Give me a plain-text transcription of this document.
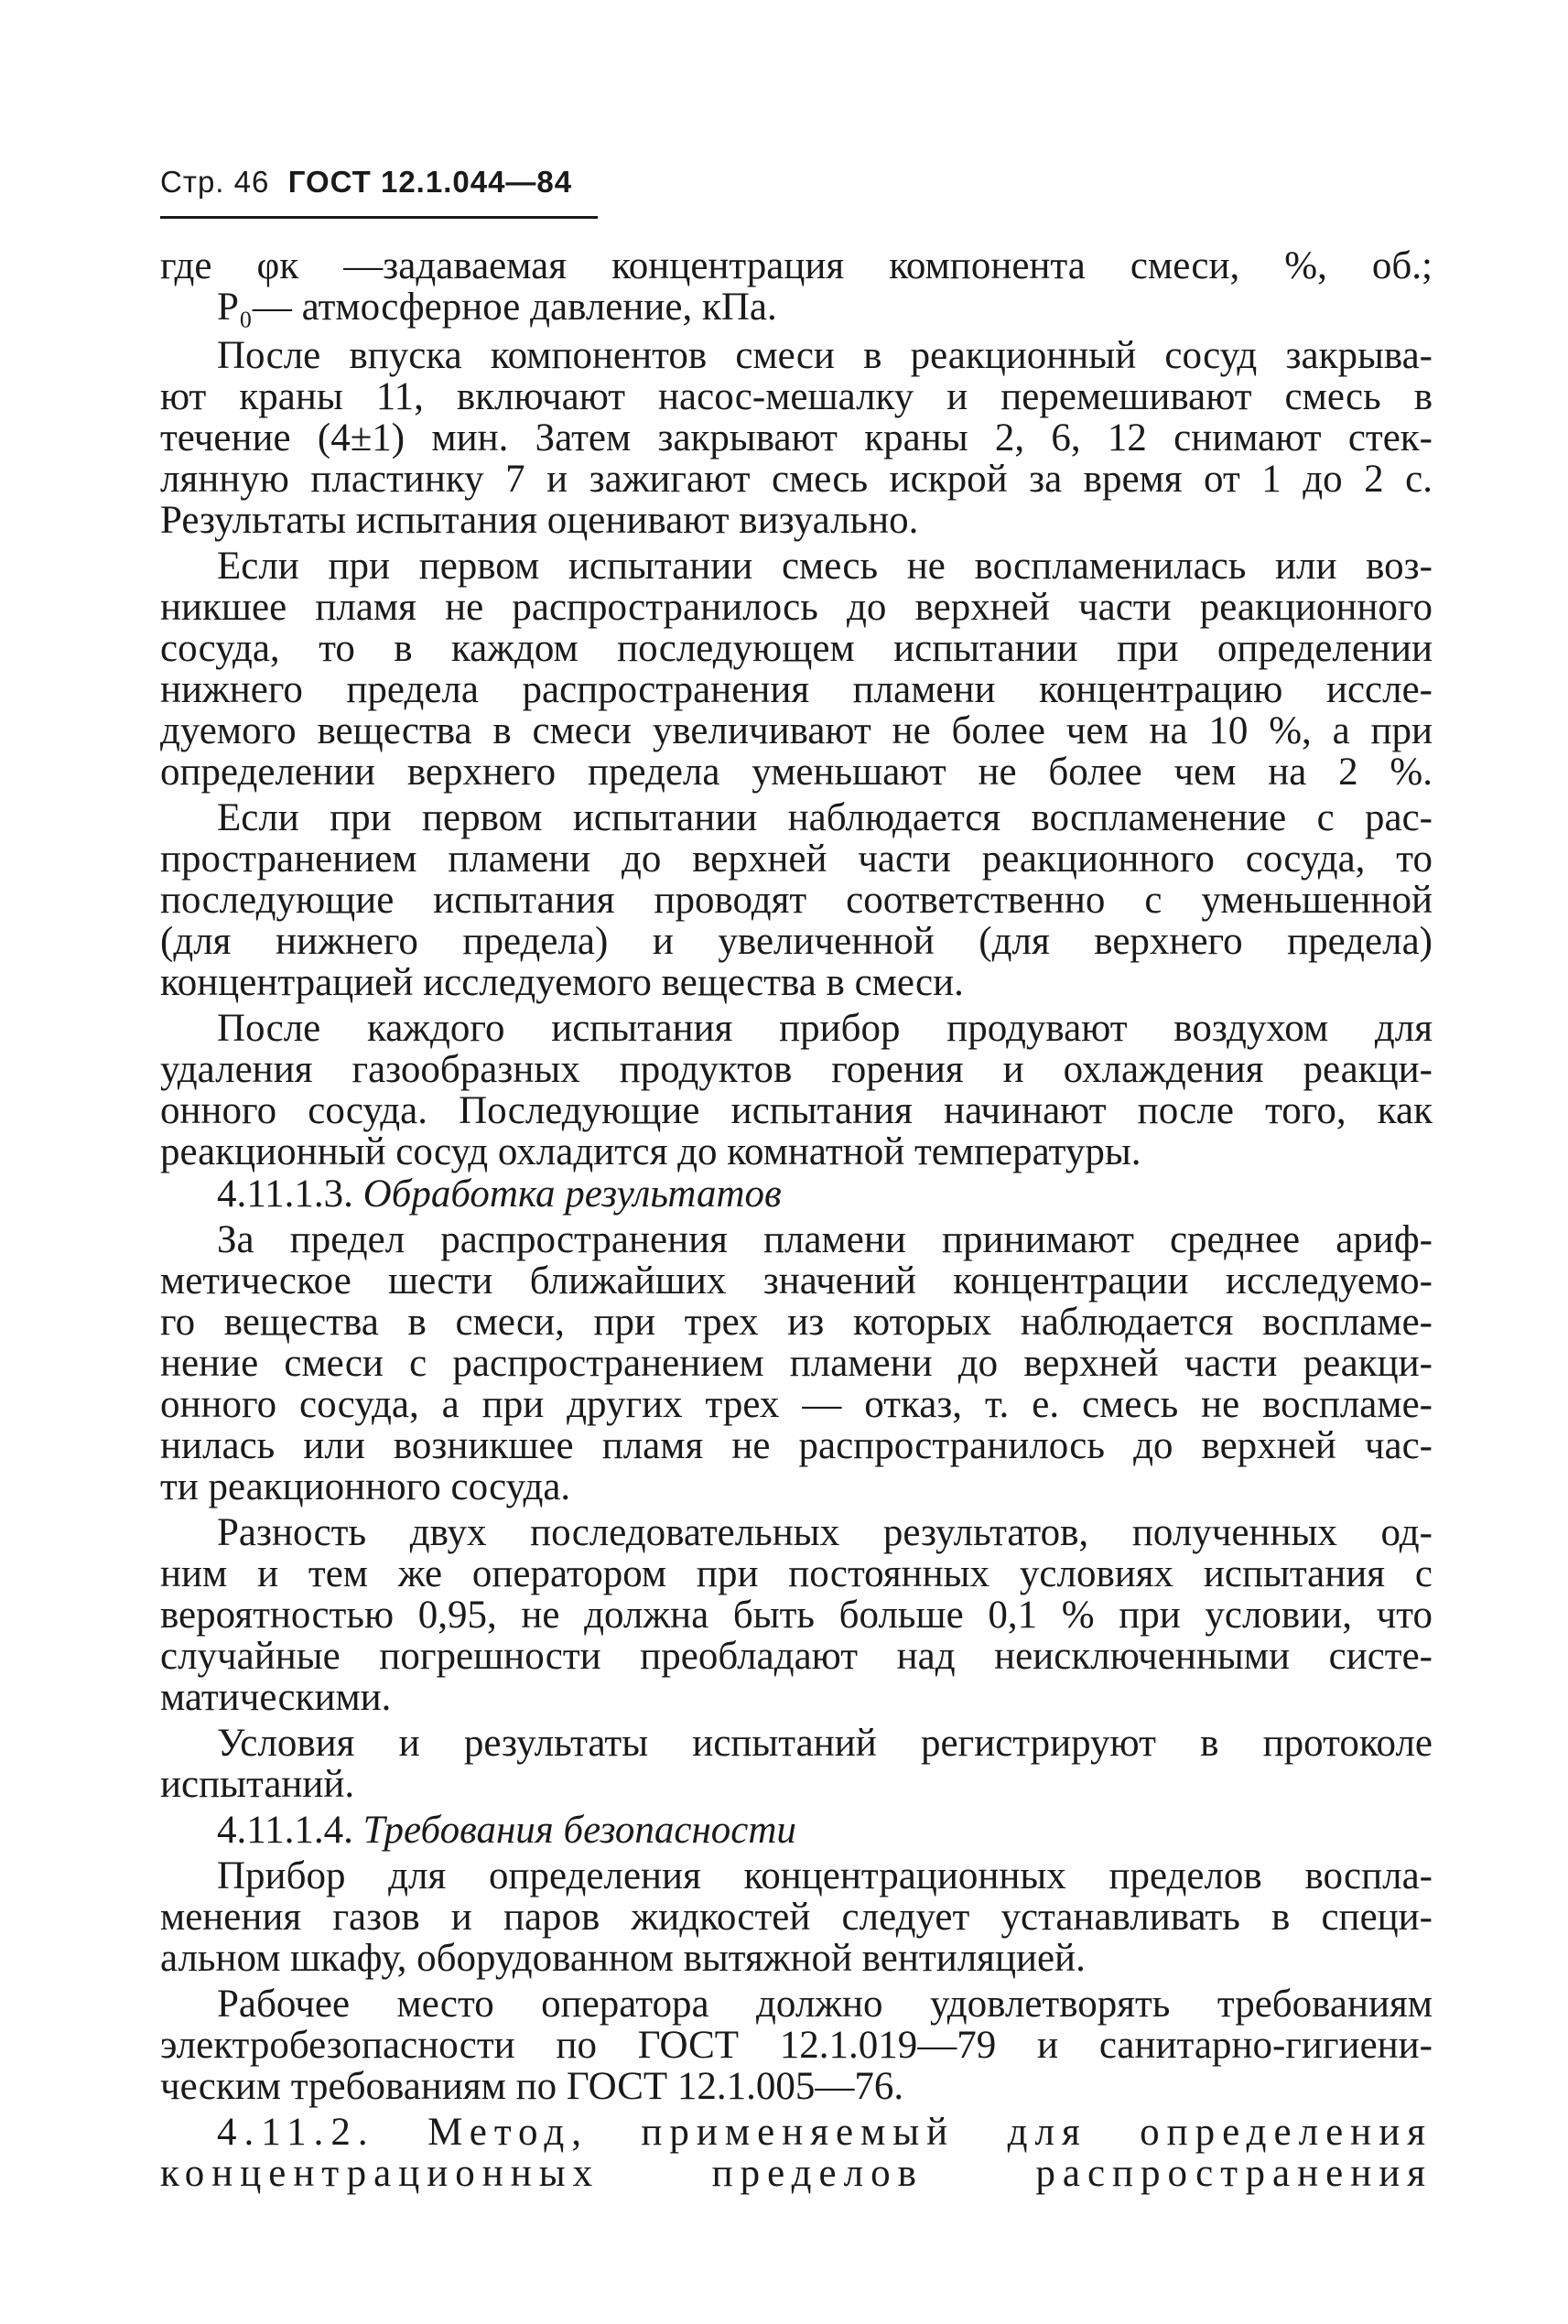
Стр. 46 ГОСТ 12.1.044—84
где φк —задаваемая концентрация компонента смеси, %, об.;
P₀— атмосферное давление, кПа.
После впуска компонентов смеси в реакционный сосуд закрыва-
ют краны 11, включают насос-мешалку и перемешивают смесь в
течение (4±1) мин. Затем закрывают краны 2, 6, 12 снимают стек-
лянную пластинку 7 и зажигают смесь искрой за время от 1 до 2 с.
Результаты испытания оценивают визуально.
Если при первом испытании смесь не воспламенилась или воз-
никшее пламя не распространилось до верхней части реакционного
сосуда, то в каждом последующем испытании при определении
нижнего предела распространения пламени концентрацию иссле-
дуемого вещества в смеси увеличивают не более чем на 10 %, а при
определении верхнего предела уменьшают не более чем на 2 %.
Если при первом испытании наблюдается воспламенение с рас-
пространением пламени до верхней части реакционного сосуда, то
последующие испытания проводят соответственно с уменьшенной
(для нижнего предела) и увеличенной (для верхнего предела)
концентрацией исследуемого вещества в смеси.
После каждого испытания прибор продувают воздухом для
удаления газообразных продуктов горения и охлаждения реакци-
онного сосуда. Последующие испытания начинают после того, как
реакционный сосуд охладится до комнатной температуры.
4.11.1.3. Обработка результатов
За предел распространения пламени принимают среднее ариф-
метическое шести ближайших значений концентрации исследуемо-
го вещества в смеси, при трех из которых наблюдается воспламе-
нение смеси с распространением пламени до верхней части реакци-
онного сосуда, а при других трех — отказ, т. е. смесь не воспламе-
нилась или возникшее пламя не распространилось до верхней час-
ти реакционного сосуда.
Разность двух последовательных результатов, полученных од-
ним и тем же оператором при постоянных условиях испытания с
вероятностью 0,95, не должна быть больше 0,1 % при условии, что
случайные погрешности преобладают над неисключенными систе-
матическими.
Условия и результаты испытаний регистрируют в протоколе
испытаний.
4.11.1.4. Требования безопасности
Прибор для определения концентрационных пределов воспла-
менения газов и паров жидкостей следует устанавливать в специ-
альном шкафу, оборудованном вытяжной вентиляцией.
Рабочее место оператора должно удовлетворять требованиям
электробезопасности по ГОСТ 12.1.019—79 и санитарно-гигиени-
ческим требованиям по ГОСТ 12.1.005—76.
4.11.2. Метод, применяемый для определения
концентрационных пределов распространения
